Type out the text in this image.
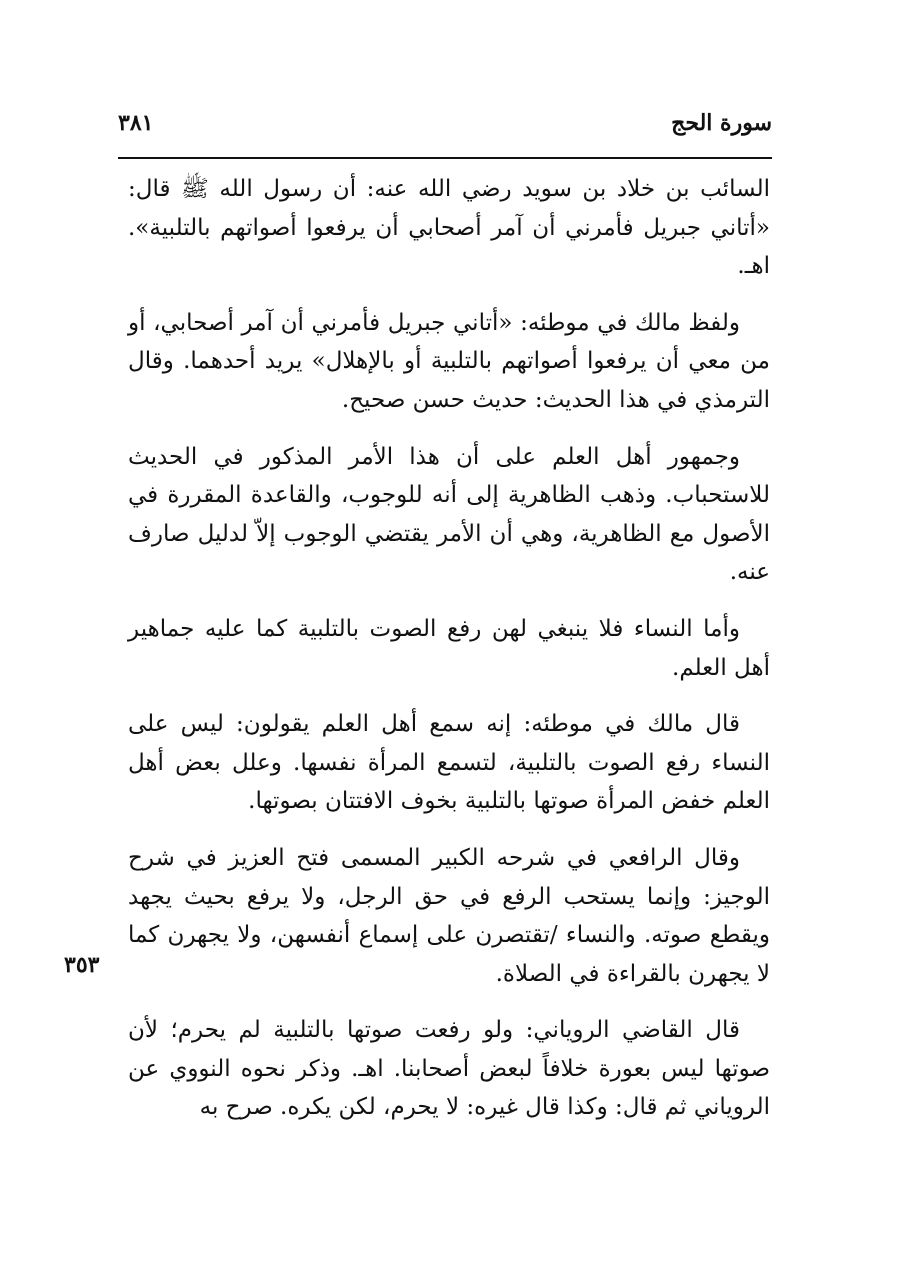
سورة الحج
٣٨١

السائب بن خلاد بن سويد رضي الله عنه: أن رسول الله ﷺ قال: «أتاني جبريل فأمرني أن آمر أصحابي أن يرفعوا أصواتهم بالتلبية». اهـ.

ولفظ مالك في موطئه: «أتاني جبريل فأمرني أن آمر أصحابي، أو من معي أن يرفعوا أصواتهم بالتلبية أو بالإهلال» يريد أحدهما. وقال الترمذي في هذا الحديث: حديث حسن صحيح.

وجمهور أهل العلم على أن هذا الأمر المذكور في الحديث للاستحباب. وذهب الظاهرية إلى أنه للوجوب، والقاعدة المقررة في الأصول مع الظاهرية، وهي أن الأمر يقتضي الوجوب إلاّ لدليل صارف عنه.

وأما النساء فلا ينبغي لهن رفع الصوت بالتلبية كما عليه جماهير أهل العلم.

قال مالك في موطئه: إنه سمع أهل العلم يقولون: ليس على النساء رفع الصوت بالتلبية، لتسمع المرأة نفسها. وعلل بعض أهل العلم خفض المرأة صوتها بالتلبية بخوف الافتتان بصوتها.

وقال الرافعي في شرحه الكبير المسمى فتح العزيز في شرح الوجيز: وإنما يستحب الرفع في حق الرجل، ولا يرفع بحيث يجهد ويقطع صوته. والنساء /تقتصرن على إسماع أنفسهن، ولا يجهرن كما لا يجهرن بالقراءة في الصلاة.

قال القاضي الروياني: ولو رفعت صوتها بالتلبية لم يحرم؛ لأن صوتها ليس بعورة خلافاً لبعض أصحابنا. اهـ. وذكر نحوه النووي عن الروياني ثم قال: وكذا قال غيره: لا يحرم، لكن يكره. صرح به

٣٥٣
